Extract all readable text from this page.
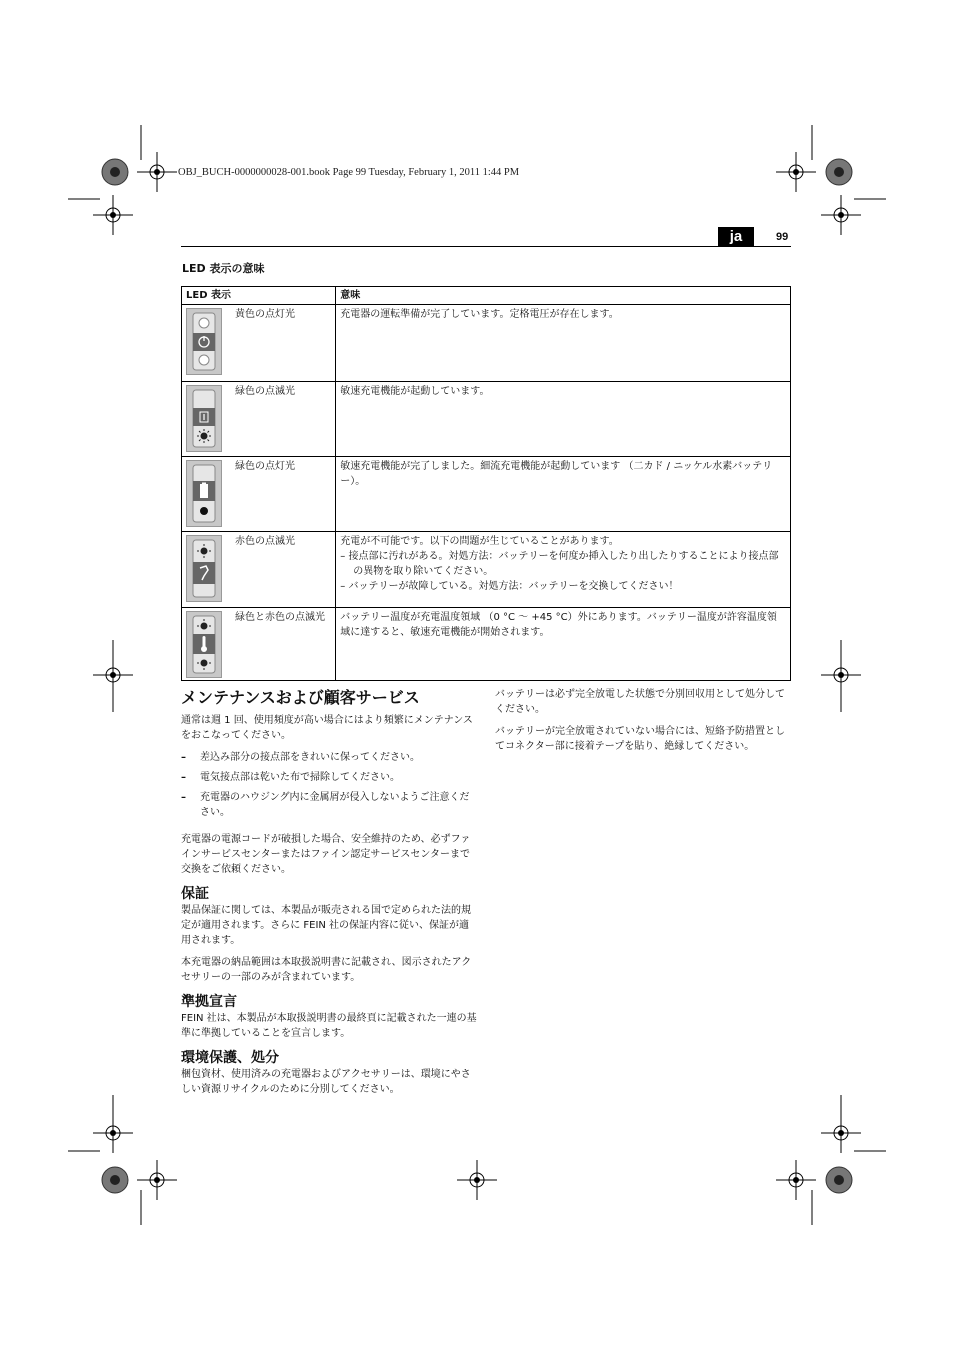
OBJ_BUCH-0000000028-001.book Page 99 Tuesday, February 1, 2011 1:44 PM
ja	99
LED 表示の意味
LED 表示	意味

黄色の点灯光	充電器の運転準備が完了しています。定格電圧が存在します。

緑色の点滅光	敏速充電機能が起動しています。

緑色の点灯光	敏速充電機能が完了しました。細流充電機能が起動しています （二カド / ニッケル水素バッテリー）。

赤色の点滅光	充電が不可能です。以下の問題が生じていることがあります。
– 接点部に汚れがある。対処方法：バッテリーを何度か挿入したり出したりすることにより接点部の異物を取り除いてください。
– バッテリーが故障している。対処方法：バッテリーを交換してください！

緑色と赤色の点滅光	バッテリー温度が充電温度領域 （0 °C ～ +45 °C）外にあります。バッテリー温度が許容温度領域に達すると、敏速充電機能が開始されます。
メンテナンスおよび顧客サービス

通常は週 1 回、使用頻度が高い場合にはより頻繁にメンテナンスをおこなってください。

– 差込み部分の接点部をきれいに保ってください。
– 電気接点部は乾いた布で掃除してください。
– 充電器のハウジング内に金属屑が侵入しないようご注意ください。

充電器の電源コードが破損した場合、安全維持のため、必ずファインサービスセンターまたはファイン認定サービスセンターまで交換をご依頼ください。

保証

製品保証に関しては、本製品が販売される国で定められた法的規定が適用されます。さらに FEIN 社の保証内容に従い、保証が適用されます。

本充電器の納品範囲は本取扱説明書に記載され、図示されたアクセサリーの一部のみが含まれています。

準拠宣言

FEIN 社は、本製品が本取扱説明書の最終頁に記載された一連の基準に準拠していることを宣言します。

環境保護、処分

梱包資材、使用済みの充電器およびアクセサリーは、環境にやさしい資源リサイクルのために分別してください。

バッテリーは必ず完全放電した状態で分別回収用として処分してください。

バッテリーが完全放電されていない場合には、短絡予防措置としてコネクター部に接着テープを貼り、絶縁してください。
